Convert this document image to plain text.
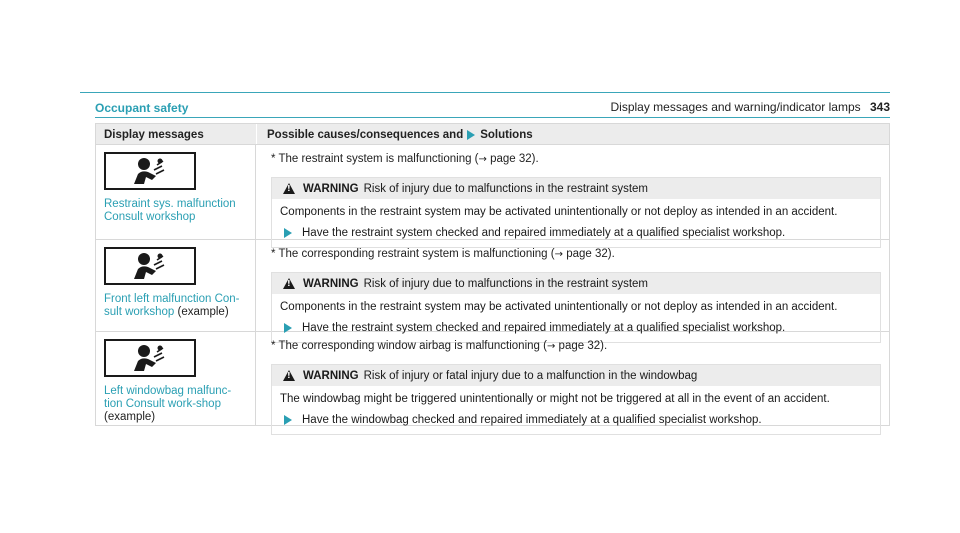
Display messages and warning/indicator lamps 343
Occupant safety
Display messages	Possible causes/consequences and Solutions
Restraint sys. malfunction Consult workshop
* The restraint system is malfunctioning (→ page 32).
!
WARNING Risk of injury due to malfunctions in the restraint system
Components in the restraint system may be activated unintentionally or not deploy as intended in an accident.
Have the restraint system checked and repaired immediately at a qualified specialist workshop.
Front left malfunction Con-sult workshop (example)
* The corresponding restraint system is malfunctioning (→ page 32).
!
WARNING Risk of injury due to malfunctions in the restraint system
Components in the restraint system may be activated unintentionally or not deploy as intended in an accident.
Have the restraint system checked and repaired immediately at a qualified specialist workshop.
Left windowbag malfunc-tion Consult work-shop (example)
* The corresponding window airbag is malfunctioning (→ page 32).
!
WARNING Risk of injury or fatal injury due to a malfunction in the windowbag
The windowbag might be triggered unintentionally or might not be triggered at all in the event of an accident.
Have the windowbag checked and repaired immediately at a qualified specialist workshop.
